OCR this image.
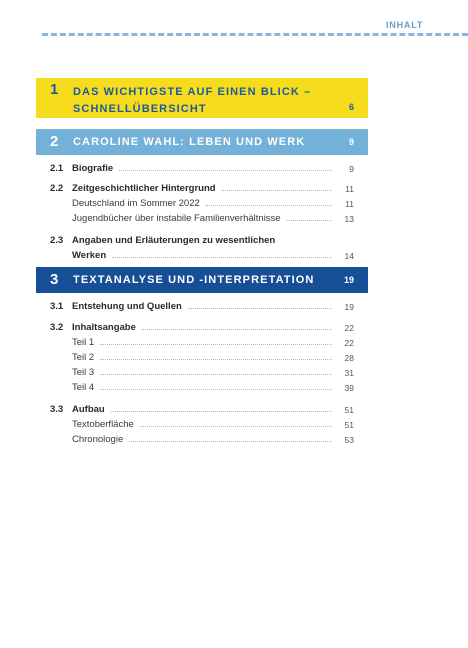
INHALT
1 DAS WICHTIGSTE AUF EINEN BLICK –
SCHNELLÜBERSICHT	6
2 CAROLINE WAHL: LEBEN UND WERK	9
2.1 Biografie	9
2.2 Zeitgeschichtlicher Hintergrund	11
Deutschland im Sommer 2022	11
Jugendbücher über instabile Familienverhältnisse	13
2.3 Angaben und Erläuterungen zu wesentlichen
Werken	14
3 TEXTANALYSE UND -INTERPRETATION	19
3.1 Entstehung und Quellen	19
3.2 Inhaltsangabe	22
Teil 1	22
Teil 2	28
Teil 3	31
Teil 4	39
3.3 Aufbau	51
Textoberfläche	51
Chronologie	53
